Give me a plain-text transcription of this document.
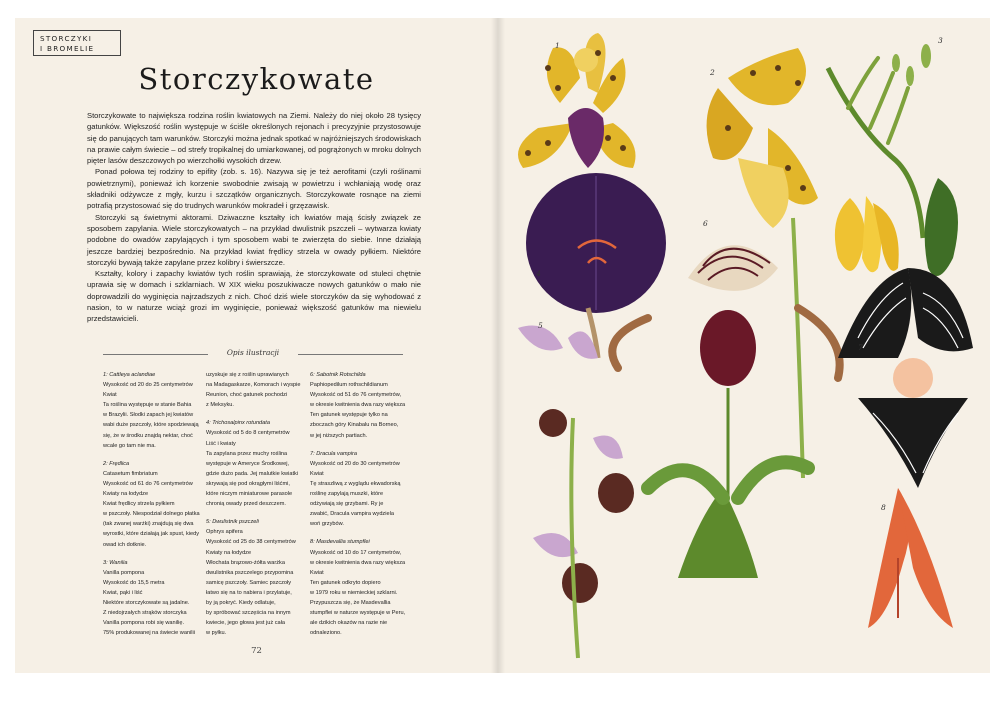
STORCZYKI
I BROMELIE
Storczykowate

Storczykowate to największa rodzina roślin kwiatowych na Ziemi. Należy do niej około 28 tysięcy gatunków. Większość roślin występuje w ściśle określonych rejonach i precyzyjnie przystosowuje się do panujących tam warunków. Storczyki można jednak spotkać w najróżniejszych środowiskach na prawie całym świecie – od strefy tropikalnej do umiarkowanej, od pogrążonych w mroku dolnych pięter lasów deszczowych po wierzchołki wysokich drzew.

Ponad połowa tej rodziny to epifity (zob. s. 16). Nazywa się je też aerofitami (czyli roślinami powietrznymi), ponieważ ich korzenie swobodnie zwisają w powietrzu i wchłaniają wodę oraz składniki odżywcze z mgły, kurzu i szczątków organicznych. Storczykowate rosnące na ziemi potrafią przystosować się do trudnych warunków mokradeł i grzęzawisk.

Storczyki są świetnymi aktorami. Dziwaczne kształty ich kwiatów mają ścisły związek ze sposobem zapylania. Wiele storczykowatych – na przykład dwulistnik pszczeli – wytwarza kwiaty podobne do owadów zapylających i tym sposobem wabi te zwierzęta do siebie. Inne działają jeszcze bardziej bezpośrednio. Na przykład kwiat frędlicy strzela w owady pyłkiem. Niektóre storczyki bywają także zapylane przez kolibry i świerszcze.

Kształty, kolory i zapachy kwiatów tych roślin sprawiają, że storczykowate od stuleci chętnie uprawia się w domach i szklarniach. W XIX wieku poszukiwacze nowych gatunków o mało nie doprowadzili do wyginięcia najrzadszych z nich. Choć dziś wiele storczyków da się wyhodować z nasion, to w naturze wciąż grozi im wyginięcie, ponieważ większość gatunków ma niewielu przedstawicieli.

Opis ilustracji
1: Cattleya aclandiae
Wysokość od 20 do 25 centymetrów
Kwiat
Ta roślina występuje w stanie Bahia
w Brazylii. Słodki zapach jej kwiatów
wabi duże pszczoły, które spodziewają
się, że w środku znajdą nektar, choć
wcale go tam nie ma.
2: Frędlica
Catasetum fimbriatum
Wysokość od 61 do 76 centymetrów
Kwiaty na łodydze
Kwiat frędlicy strzela pyłkiem
w pszczoły. Niespodział dolnego płatka
(tak zwanej warżki) znajdują się dwa
wyrostki, które działają jak spust, kiedy
owad ich dotknie.
3: Wanilia
Vanilla pompona
Wysokość do 15,5 metra
Kwiat, pąki i liść
Niektóre storczykowate są jadalne.
Z niedojrzałych strąków storczyka
Vanilla pompona robi się wanilię.
75% produkowanej na świecie wanilii
uzyskuje się z roślin uprawianych
na Madagaskarze, Komorach i wyspie
Reunion, choć gatunek pochodzi
z Meksyku.
4: Trichosalpinx rotundata
Wysokość od 5 do 8 centymetrów
Liść i kwiaty
Ta zapylana przez muchy roślina
występuje w Ameryce Środkowej,
gdzie dużo pada. Jej malutkie kwiatki
skrywają się pod okrągłymi liśćmi,
które niczym miniaturowe parasole
chronią owady przed deszczem.
5: Dwulistnik pszczeli
Ophrys apifera
Wysokość od 25 do 38 centymetrów
Kwiaty na łodydze
Włochata brązowo-żółta warżka
dwulistnika pszczelego przypomina
samicę pszczoły. Samiec pszczoły
łatwo się na to nabiera i przylatuje,
by ją pokryć. Kiedy odlatuje,
by spróbować szczęścia na innym
kwiecie, jego głowa jest już cała
w pyłku.
6: Sabotnik Rotschilda
Paphiopedilum rothschildianum
Wysokość od 51 do 76 centymetrów,
w okresie kwitnienia dwa razy większa
Ten gatunek występuje tylko na
zboczach góry Kinabalu na Borneo,
w jej niższych partiach.
7: Dracula vampira
Wysokość od 20 do 30 centymetrów
Kwiat
Tę straszliwą z wyglądu ekwadorską
roślinę zapylają muszki, które
odżywiają się grzybami. Ry je
zwabić, Dracula vampira wydziela
woń grzybów.
8: Masdevallia stumpflei
Wysokość od 10 do 17 centymetrów,
w okresie kwitnienia dwa razy większa
Kwiat
Ten gatunek odkryto dopiero
w 1979 roku w niemieckiej szklarni.
Przypuszcza się, że Masdevallia
stumpflei w naturze występuje w Peru,
ale dzikich okazów na razie nie
odnaleziono.
72
1
2
3
4
5
6
7
8
